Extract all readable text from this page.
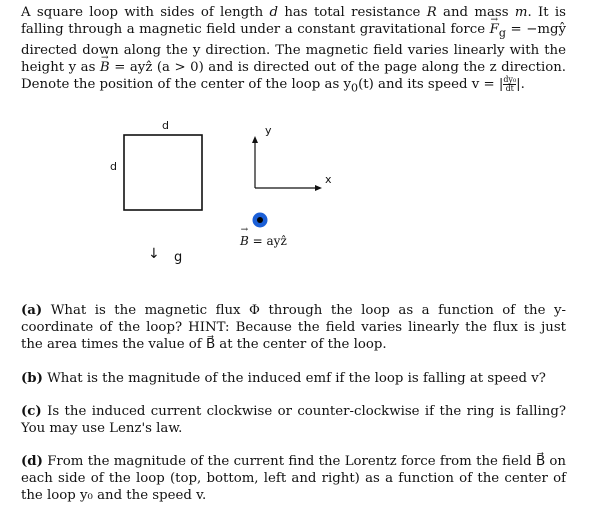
A square loop with sides of length d has total resistance R and mass m. It is falling through a magnetic field under a constant gravitational force → $F_g$ = −mgŷ directed down along the y direction. The magnetic field varies linearly with the height y as → B = ayẑ (a > 0) and is directed out of the page along the z direction. Denote the position of the center of the loop as $y_0(t)$ and its speed v = | $\frac{\text{dy₀}}{dt}$ |.
d
d
y
x
→ B = ayẑ
↓ g
(a) What is the magnetic flux Φ through the loop as a function of the y-coordinate of the loop? HINT: Because the field varies linearly the flux is just the area times the value of B⃗ at the center of the loop.
(b) What is the magnitude of the induced emf if the loop is falling at speed v?
(c) Is the induced current clockwise or counter-clockwise if the ring is falling? You may use Lenz's law.
(d) From the magnitude of the current find the Lorentz force from the field B⃗ on each side of the loop (top, bottom, left and right) as a function of the center of the loop y₀ and the speed v.
